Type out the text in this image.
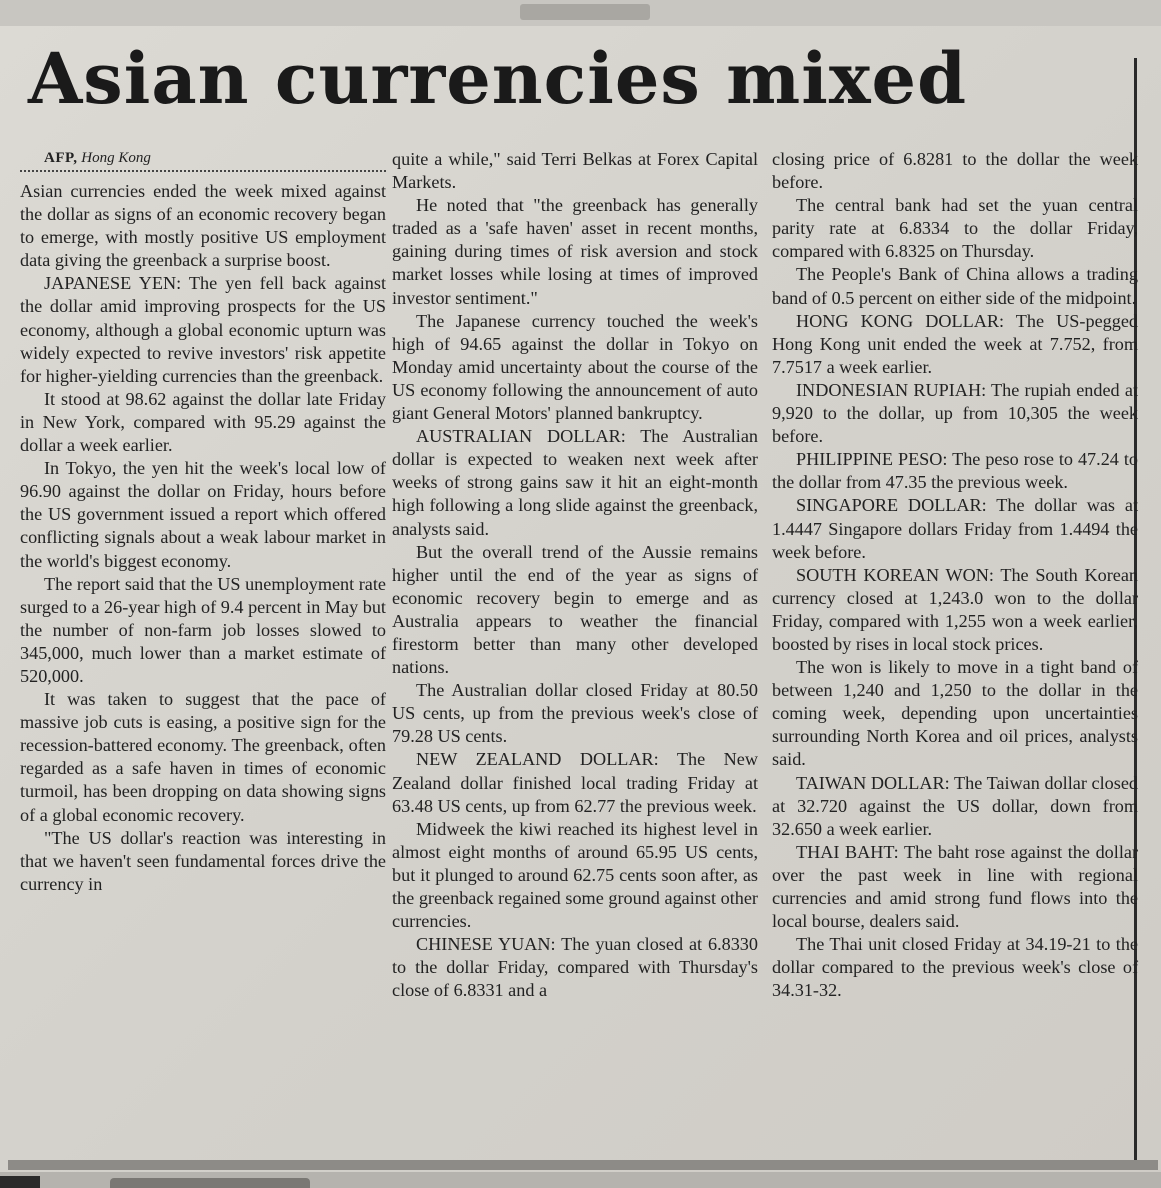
Asian currencies mixed

AFP, Hong Kong

Asian currencies ended the week mixed against the dollar as signs of an economic recovery began to emerge, with mostly positive US employment data giving the greenback a surprise boost.

JAPANESE YEN: The yen fell back against the dollar amid improving prospects for the US economy, although a global economic upturn was widely expected to revive investors' risk appetite for higher-yielding currencies than the greenback.

It stood at 98.62 against the dollar late Friday in New York, compared with 95.29 against the dollar a week earlier.

In Tokyo, the yen hit the week's local low of 96.90 against the dollar on Friday, hours before the US government issued a report which offered conflicting signals about a weak labour market in the world's biggest economy.

The report said that the US unemployment rate surged to a 26-year high of 9.4 percent in May but the number of non-farm job losses slowed to 345,000, much lower than a market estimate of 520,000.

It was taken to suggest that the pace of massive job cuts is easing, a positive sign for the recession-battered economy. The greenback, often regarded as a safe haven in times of economic turmoil, has been dropping on data showing signs of a global economic recovery.

"The US dollar's reaction was interesting in that we haven't seen fundamental forces drive the currency in

quite a while," said Terri Belkas at Forex Capital Markets.

He noted that "the greenback has generally traded as a 'safe haven' asset in recent months, gaining during times of risk aversion and stock market losses while losing at times of improved investor sentiment."

The Japanese currency touched the week's high of 94.65 against the dollar in Tokyo on Monday amid uncertainty about the course of the US economy following the announcement of auto giant General Motors' planned bankruptcy.

AUSTRALIAN DOLLAR: The Australian dollar is expected to weaken next week after weeks of strong gains saw it hit an eight-month high following a long slide against the greenback, analysts said.

But the overall trend of the Aussie remains higher until the end of the year as signs of economic recovery begin to emerge and as Australia appears to weather the financial firestorm better than many other developed nations.

The Australian dollar closed Friday at 80.50 US cents, up from the previous week's close of 79.28 US cents.

NEW ZEALAND DOLLAR: The New Zealand dollar finished local trading Friday at 63.48 US cents, up from 62.77 the previous week.

Midweek the kiwi reached its highest level in almost eight months of around 65.95 US cents, but it plunged to around 62.75 cents soon after, as the greenback regained some ground against other currencies.

CHINESE YUAN: The yuan closed at 6.8330 to the dollar Friday, compared with Thursday's close of 6.8331 and a

closing price of 6.8281 to the dollar the week before.

The central bank had set the yuan central parity rate at 6.8334 to the dollar Friday, compared with 6.8325 on Thursday.

The People's Bank of China allows a trading band of 0.5 percent on either side of the midpoint.

HONG KONG DOLLAR: The US-pegged Hong Kong unit ended the week at 7.752, from 7.7517 a week earlier.

INDONESIAN RUPIAH: The rupiah ended at 9,920 to the dollar, up from 10,305 the week before.

PHILIPPINE PESO: The peso rose to 47.24 to the dollar from 47.35 the previous week.

SINGAPORE DOLLAR: The dollar was at 1.4447 Singapore dollars Friday from 1.4494 the week before.

SOUTH KOREAN WON: The South Korean currency closed at 1,243.0 won to the dollar Friday, compared with 1,255 won a week earlier, boosted by rises in local stock prices.

The won is likely to move in a tight band of between 1,240 and 1,250 to the dollar in the coming week, depending upon uncertainties surrounding North Korea and oil prices, analysts said.

TAIWAN DOLLAR: The Taiwan dollar closed at 32.720 against the US dollar, down from 32.650 a week earlier.

THAI BAHT: The baht rose against the dollar over the past week in line with regional currencies and amid strong fund flows into the local bourse, dealers said.

The Thai unit closed Friday at 34.19-21 to the dollar compared to the previous week's close of 34.31-32.
